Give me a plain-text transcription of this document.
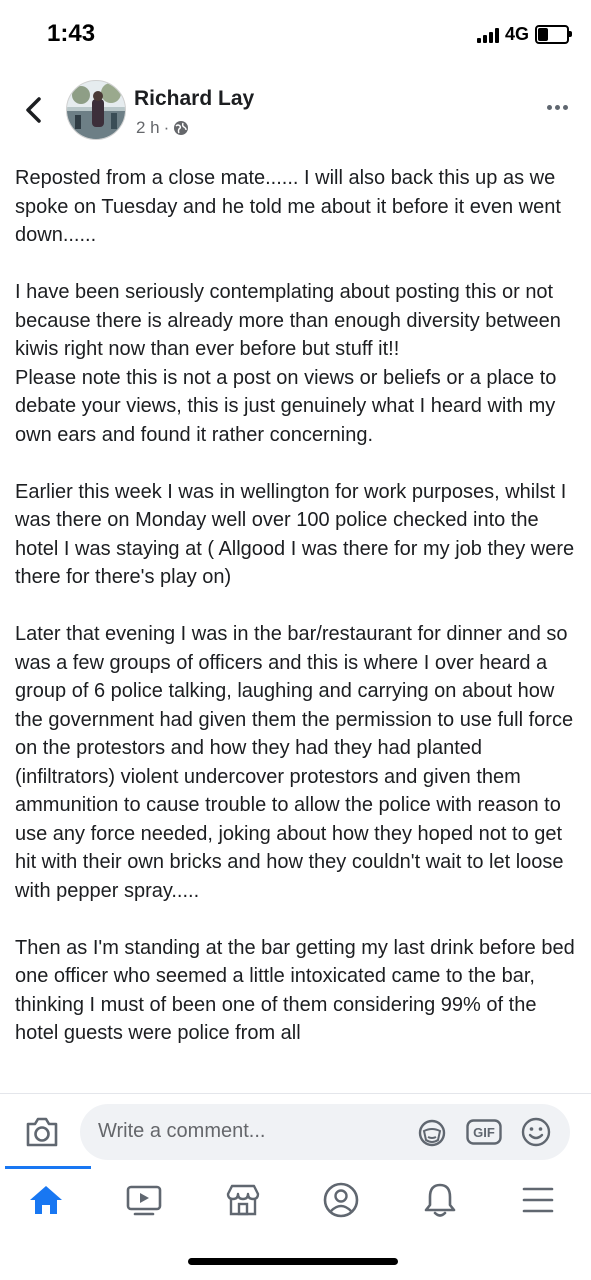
1:43	4G
Richard Lay
2 h ·

Reposted from a close mate...... I will also back this up as we spoke on Tuesday and he told me about it before it even went down......

I have been seriously contemplating about posting this or not because there is already more than enough diversity between kiwis right now than ever before but stuff it!!
Please note this is not a post on views or beliefs or a place to debate your views, this is just genuinely what I heard with my own ears and found it rather concerning.

Earlier this week I was in wellington for work purposes, whilst I was there on Monday well over 100 police checked into the hotel I was staying at ( Allgood I was there for my job they were there for there's play on)

Later that evening I was in the bar/restaurant for dinner and so was a few groups of officers and this is where I over heard a group of 6 police talking, laughing and carrying on about how the government had given them the permission to use full force on the protestors and how they had they had planted (infiltrators) violent undercover protestors and given them ammunition to cause trouble to allow the police with reason to use any force needed, joking about how they hoped not to get hit with their own bricks and how they couldn't wait to let loose with pepper spray.....

Then as I'm standing at the bar getting my last drink before bed one officer who seemed a little intoxicated came to the bar, thinking I must of been one of them considering 99% of the hotel guests were police from all

Write a comment...	GIF
